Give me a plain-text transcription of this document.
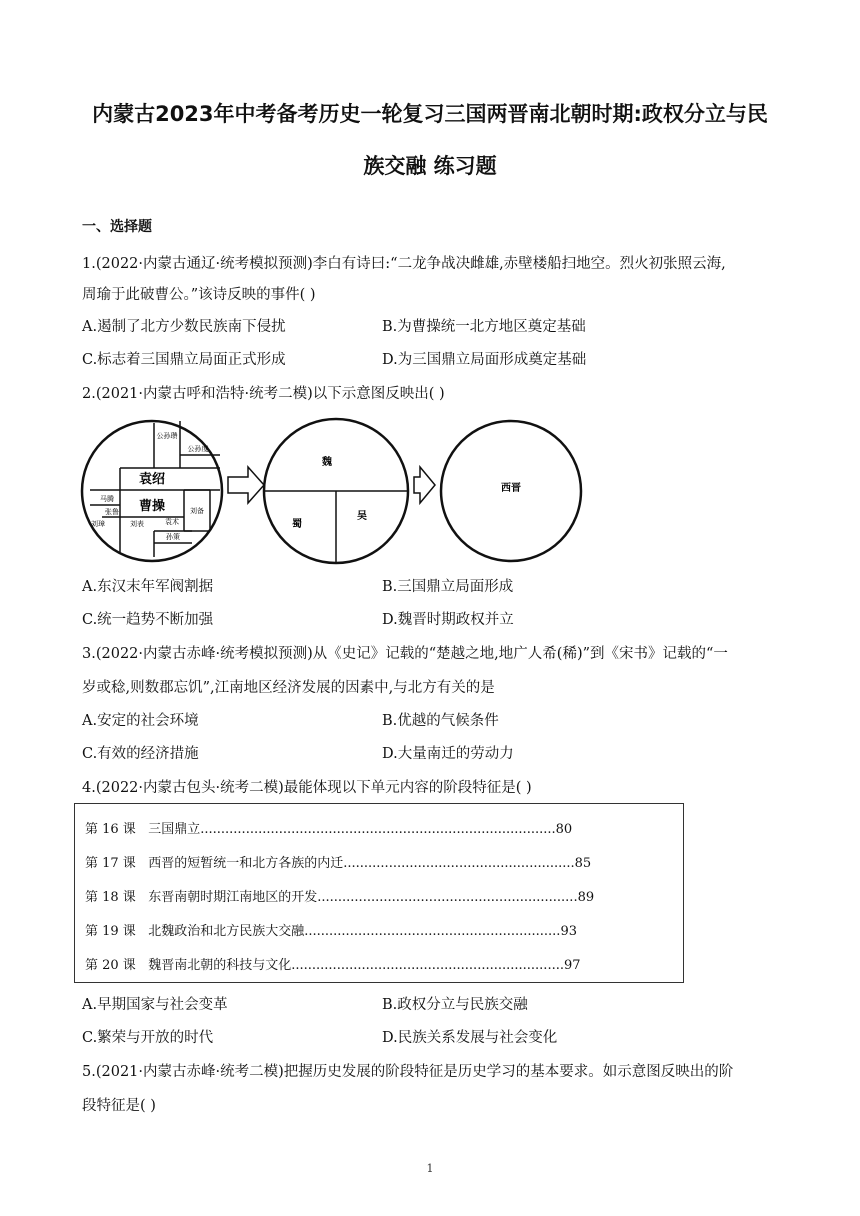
内蒙古2023年中考备考历史一轮复习三国两晋南北朝时期:政权分立与民
族交融 练习题
一、选择题
1.(2022·内蒙古通辽·统考模拟预测)李白有诗曰:“二龙争战决雌雄,赤壁楼船扫地空。烈火初张照云海,
周瑜于此破曹公。”该诗反映的事件( )
A.遏制了北方少数民族南下侵扰	B.为曹操统一北方地区奠定基础
C.标志着三国鼎立局面正式形成	D.为三国鼎立局面形成奠定基础
2.(2021·内蒙古呼和浩特·统考二模)以下示意图反映出( )
公孙瓒
公孙度
袁绍
曹操
马腾
张鲁
刘璋	刘表	袁术
孙策
刘备
魏
蜀
吴
西晋
A.东汉末年军阀割据	B.三国鼎立局面形成
C.统一趋势不断加强	D.魏晋时期政权并立
3.(2022·内蒙古赤峰·统考模拟预测)从《史记》记载的“楚越之地,地广人希(稀)”到《宋书》记载的“一
岁或稔,则数郡忘饥”,江南地区经济发展的因素中,与北方有关的是
A.安定的社会环境	B.优越的气候条件
C.有效的经济措施	D.大量南迁的劳动力
4.(2022·内蒙古包头·统考二模)最能体现以下单元内容的阶段特征是( )
第 16 课 三国鼎立......................................................................................80
第 17 课 西晋的短暂统一和北方各族的内迁........................................................85
第 18 课 东晋南朝时期江南地区的开发...............................................................89
第 19 课 北魏政治和北方民族大交融..............................................................93
第 20 课 魏晋南北朝的科技与文化..................................................................97
A.早期国家与社会变革	B.政权分立与民族交融
C.繁荣与开放的时代	D.民族关系发展与社会变化
5.(2021·内蒙古赤峰·统考二模)把握历史发展的阶段特征是历史学习的基本要求。如示意图反映出的阶
段特征是( )
1
